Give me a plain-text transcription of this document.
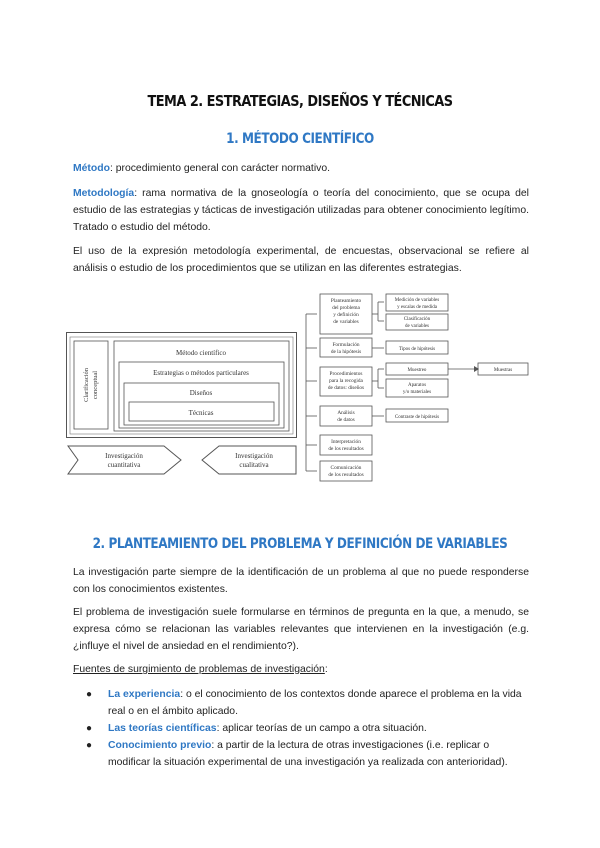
TEMA 2. ESTRATEGIAS, DISEÑOS Y TÉCNICAS
1. MÉTODO CIENTÍFICO
Método: procedimiento general con carácter normativo.
Metodología: rama normativa de la gnoseología o teoría del conocimiento, que se ocupa del estudio de las estrategias y tácticas de investigación utilizadas para obtener conocimiento legítimo. Tratado o estudio del método.
El uso de la expresión metodología experimental, de encuestas, observacional se refiere al análisis o estudio de los procedimientos que se utilizan en las diferentes estrategias.
Clarificación conceptual
Método científico
Estrategias o métodos particulares
Diseños
Técnicas
Investigación
cuantitativa
Investigación
cualitativa
Planteamiento
del problema
y definición
de variables
Medición de variables
y escalas de medida
Clasificación
de variables
Formulación
de la hipótesis	Tipos de hipótesis
Procedimientos
para la recogida
de datos: diseños
Muestreo
Aparatos
y/o materiales
Muestras
Análisis
de datos	Contraste de hipótesis
Interpretación
de los resultados
Comunicación
de los resultados
2. PLANTEAMIENTO DEL PROBLEMA Y DEFINICIÓN DE VARIABLES
La investigación parte siempre de la identificación de un problema al que no puede responderse con los conocimientos existentes.
El problema de investigación suele formularse en términos de pregunta en la que, a menudo, se expresa cómo se relacionan las variables relevantes que intervienen en la investigación (e.g. ¿influye el nivel de ansiedad en el rendimiento?).
Fuentes de surgimiento de problemas de investigación:
● La experiencia: o el conocimiento de los contextos donde aparece el problema en la vida real o en el ámbito aplicado.
● Las teorías científicas: aplicar teorías de un campo a otra situación.
● Conocimiento previo: a partir de la lectura de otras investigaciones (i.e. replicar o modificar la situación experimental de una investigación ya realizada con anterioridad).
